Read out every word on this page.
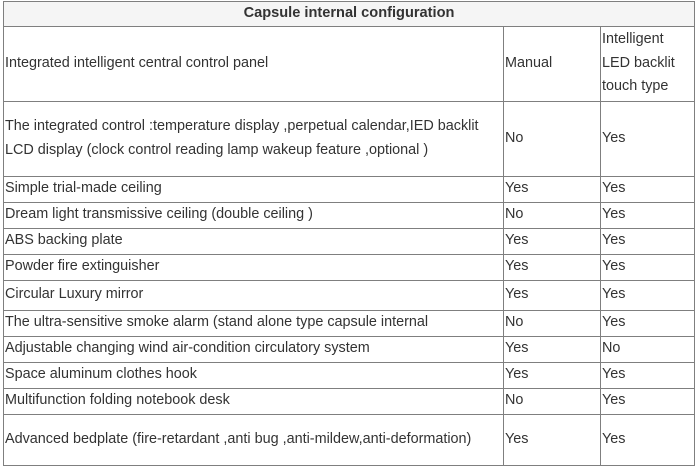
Capsule internal configuration		
Integrated intelligent central control panel	Manual	Intelligent LED backlit touch type
The integrated control :temperature display ,perpetual calendar,IED backlit LCD display (clock control reading lamp wakeup feature ,optional )	No	Yes
Simple trial-made ceiling	Yes	Yes
Dream light transmissive ceiling (double ceiling )	No	Yes
ABS backing plate	Yes	Yes
Powder fire extinguisher	Yes	Yes
Circular Luxury mirror	Yes	Yes
The ultra-sensitive smoke alarm (stand alone type capsule internal	No	Yes
Adjustable changing wind air-condition circulatory system	Yes	No
Space aluminum clothes hook	Yes	Yes
Multifunction folding notebook desk	No	Yes
Advanced bedplate (fire-retardant ,anti bug ,anti-mildew,anti-deformation)	Yes	Yes
